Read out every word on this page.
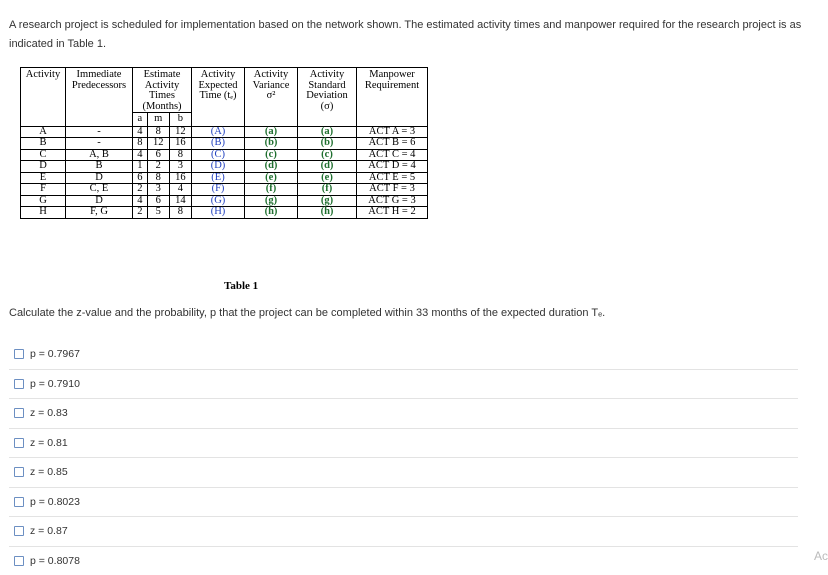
A research project is scheduled for implementation based on the network shown. The estimated activity times and manpower required for the research project is as indicated in Table 1.
Activity	Immediate Predecessors	Estimate Activity Times (Months)			Activity Expected Time (tₑ)	Activity Variance σ²	Activity Standard Deviation (σ)	Manpower Requirement
		a	m	b				
A	-	4	8	12	(A)	(a)	(a)	ACT A = 3
B	-	8	12	16	(B)	(b)	(b)	ACT B = 6
C	A, B	4	6	8	(C)	(c)	(c)	ACT C = 4
D	B	1	2	3	(D)	(d)	(d)	ACT D = 4
E	D	6	8	16	(E)	(e)	(e)	ACT E = 5
F	C, E	2	3	4	(F)	(f)	(f)	ACT F = 3
G	D	4	6	14	(G)	(g)	(g)	ACT G = 3
H	F, G	2	5	8	(H)	(h)	(h)	ACT H = 2
Table 1
Calculate the z-value and the probability, p that the project can be completed within 33 months of the expected duration Tₑ.
p = 0.7967
p = 0.7910
z = 0.83
z = 0.81
z = 0.85
p = 0.8023
z = 0.87
p = 0.8078	Ac
